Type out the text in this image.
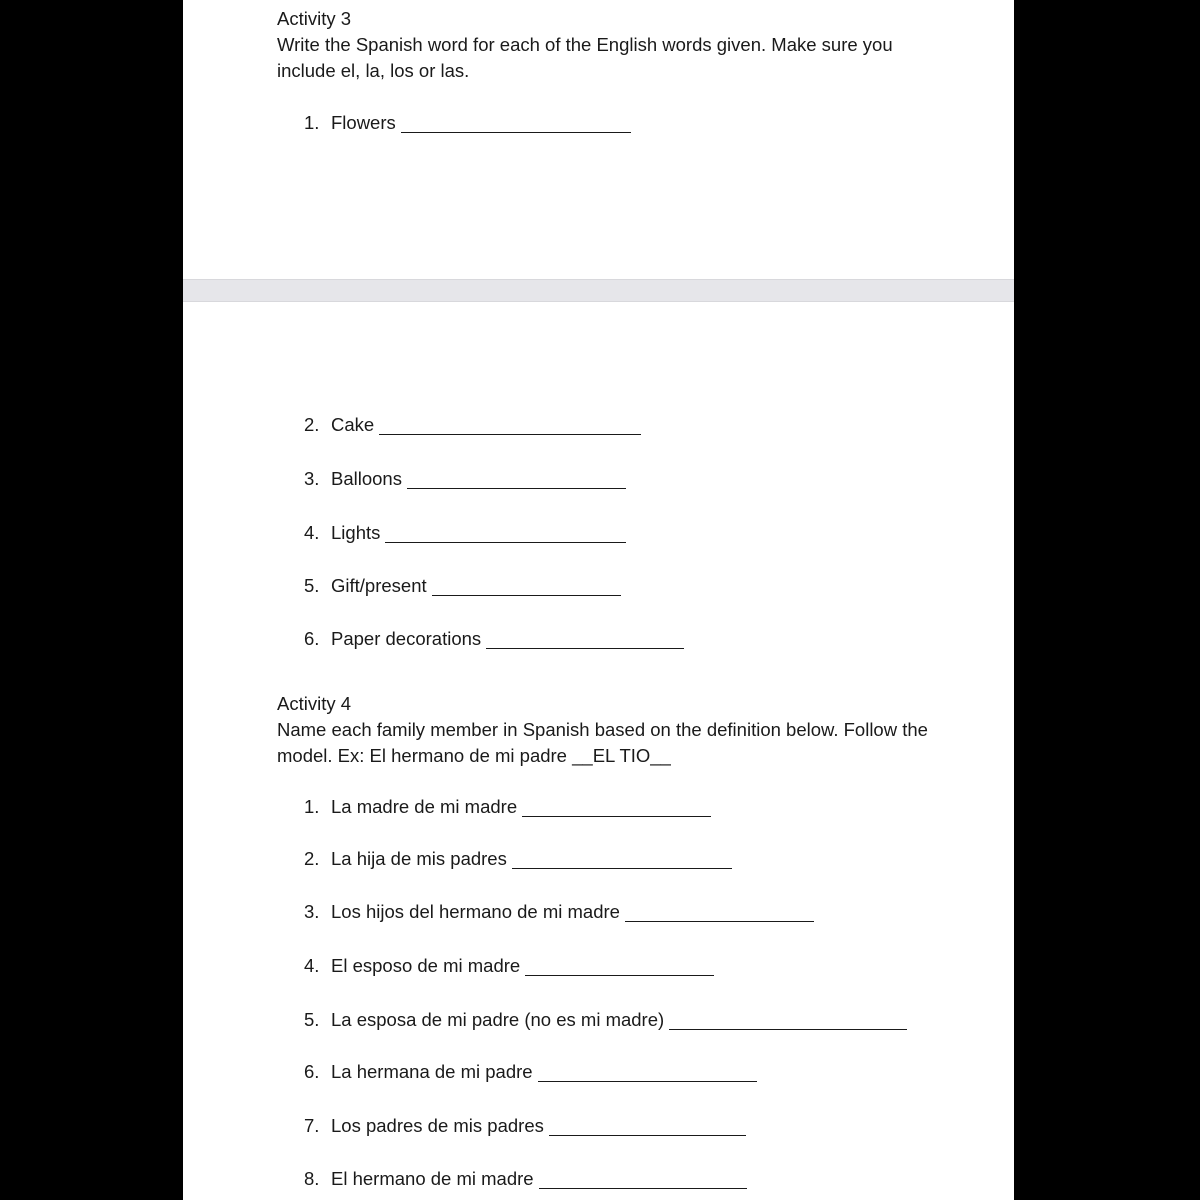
Activity 3
Write the Spanish word for each of the English words given. Make sure you
include el, la, los or las.
1. Flowers
2. Cake
3. Balloons
4. Lights
5. Gift/present
6. Paper decorations
Activity 4
Name each family member in Spanish based on the definition below. Follow the
model. Ex: El hermano de mi padre __EL TIO__
1. La madre de mi madre
2. La hija de mis padres
3. Los hijos del hermano de mi madre
4. El esposo de mi madre
5. La esposa de mi padre (no es mi madre)
6. La hermana de mi padre
7. Los padres de mis padres
8. El hermano de mi madre
